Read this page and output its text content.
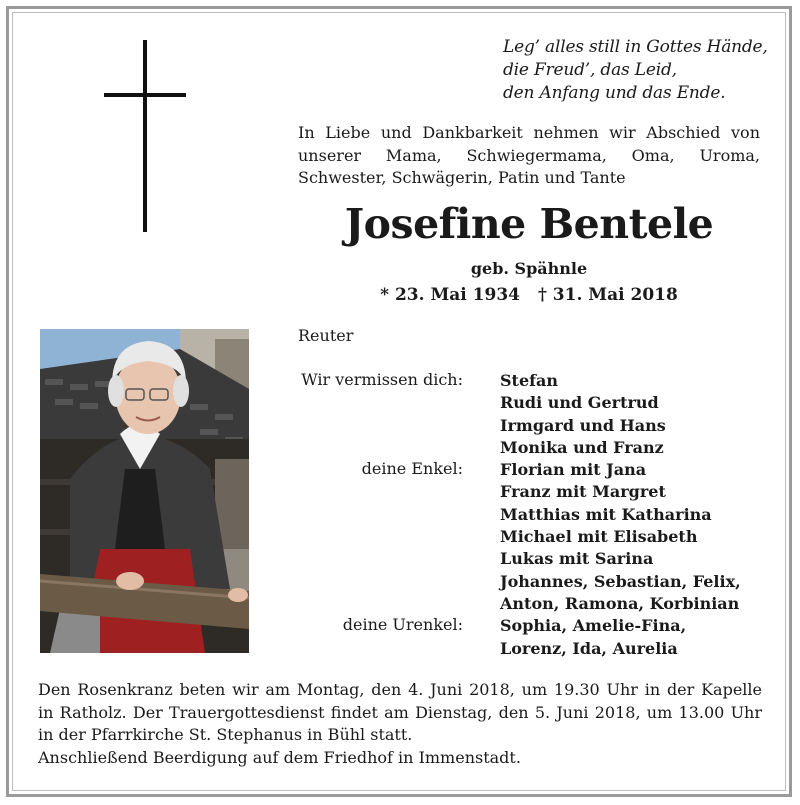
Leg’ alles still in Gottes Hände,
die Freud’, das Leid,
den Anfang und das Ende.
In Liebe und Dankbarkeit nehmen wir Abschied von
unserer Mama, Schwiegermama, Oma, Uroma,
Schwester, Schwägerin, Patin und Tante
Josefine Bentele
geb. Spähnle
* 23. Mai 1934 † 31. Mai 2018
Reuter
Wir vermissen dich:
deine Enkel:
deine Urenkel:
Stefan
Rudi und Gertrud
Irmgard und Hans
Monika und Franz
Florian mit Jana
Franz mit Margret
Matthias mit Katharina
Michael mit Elisabeth
Lukas mit Sarina
Johannes, Sebastian, Felix,
Anton, Ramona, Korbinian
Sophia, Amelie-Fina,
Lorenz, Ida, Aurelia
Den Rosenkranz beten wir am Montag, den 4. Juni 2018, um 19.30 Uhr in der Kapelle
in Ratholz. Der Trauergottesdienst findet am Dienstag, den 5. Juni 2018, um 13.00 Uhr
in der Pfarrkirche St. Stephanus in Bühl statt.
Anschließend Beerdigung auf dem Friedhof in Immenstadt.
